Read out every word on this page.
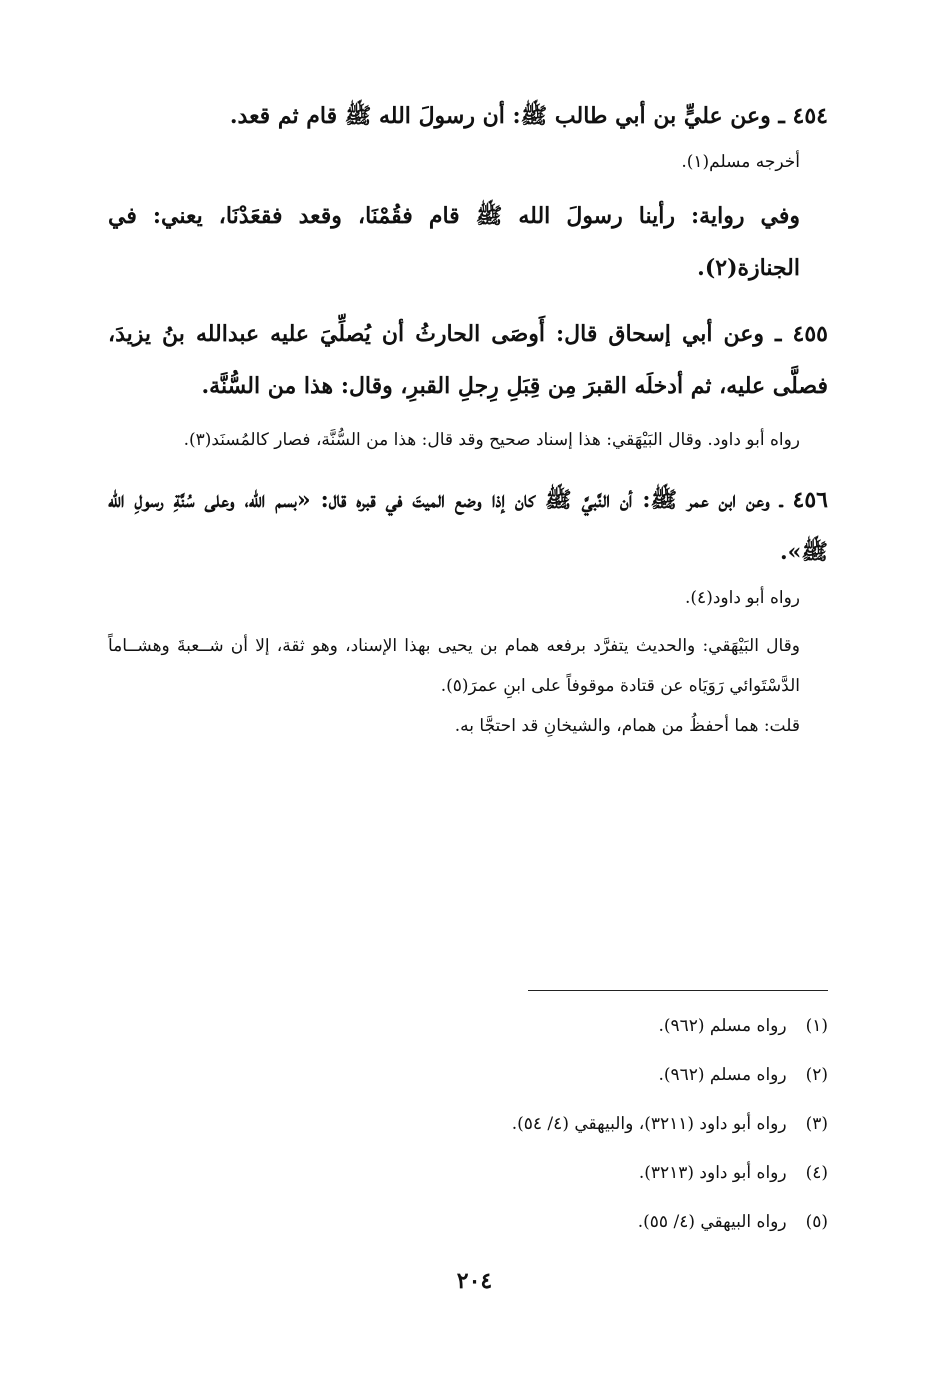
٤٥٤ ـ وعن عليٍّ بن أبي طالب ﷺ: أن رسولَ الله ﷺ قام ثم قعد.

أخرجه مسلم(١).

وفي رواية: رأينا رسولَ الله ﷺ قام فقُمْنَا، وقعد فقعَدْنَا، يعني: في الجنازة(٢).

٤٥٥ ـ وعن أبي إسحاق قال: أَوصَى الحارثُ أن يُصلِّيَ عليه عبدالله بنُ يزيدَ، فصلَّى عليه، ثم أدخلَه القبرَ مِن قِبَلِ رِجلِ القبرِ، وقال: هذا من السُّنَّة.

رواه أبو داود. وقال البَيْهَقي: هذا إسناد صحيح وقد قال: هذا من السُّنَّة، فصار كالمُسنَد(٣).

٤٥٦ ـ وعن ابن عمر ﷺ: أن النَّبيَّ ﷺ كان إذا وضع الميتَ في قبره قال: «بسم الله، وعلى سُنَّةِ رسولِ الله ﷺ».

رواه أبو داود(٤).

وقال البَيْهَقي: والحديث يتفرَّد برفعه همام بن يحيى بهذا الإسناد، وهو ثقة، إلا أن شــعبةَ وهشــاماً الدَّسْتَوائي رَوَيَاه عن قتادة موقوفاً على ابنِ عمرَ(٥).

قلت: هما أحفظُ من همام، والشيخانِ قد احتجَّا به.

(١) رواه مسلم (٩٦٢).
(٢) رواه مسلم (٩٦٢).
(٣) رواه أبو داود (٣٢١١)، والبيهقي (٤/ ٥٤).
(٤) رواه أبو داود (٣٢١٣).
(٥) رواه البيهقي (٤/ ٥٥).
٢٠٤
